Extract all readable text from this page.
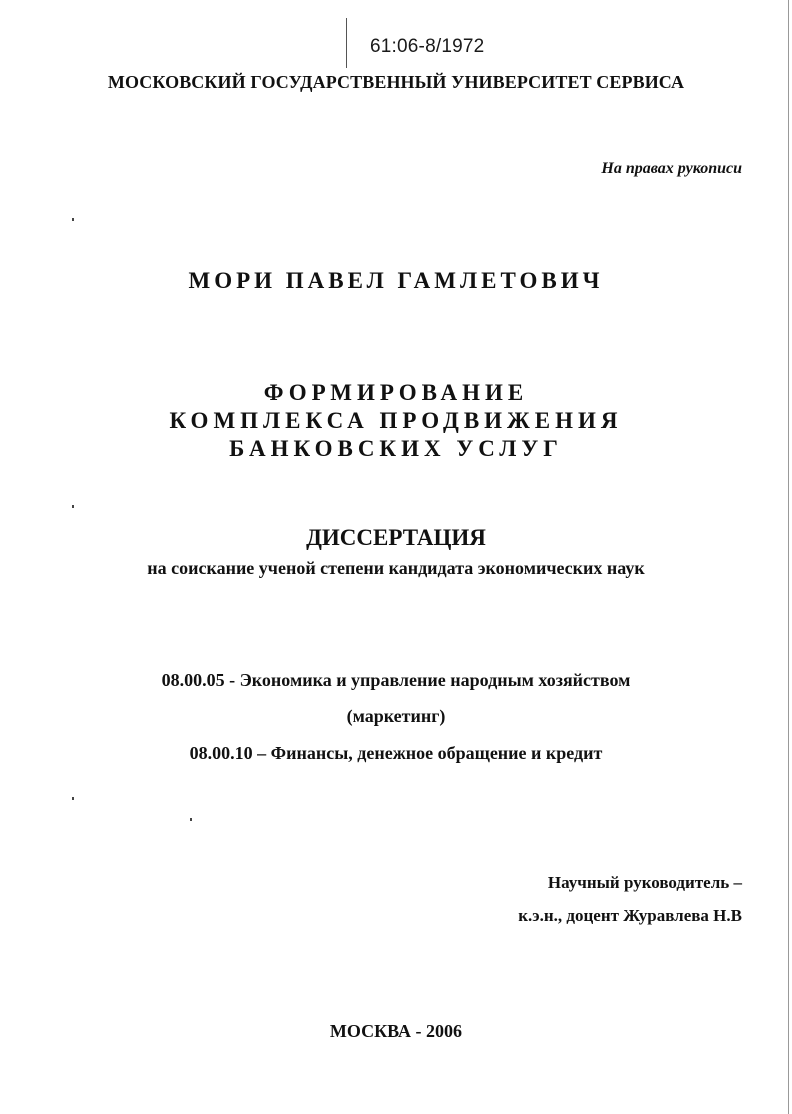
61:06-8/1972
МОСКОВСКИЙ ГОСУДАРСТВЕННЫЙ УНИВЕРСИТЕТ СЕРВИСА
На правах рукописи
МОРИ ПАВЕЛ ГАМЛЕТОВИЧ
ФОРМИРОВАНИЕ
КОМПЛЕКСА ПРОДВИЖЕНИЯ
БАНКОВСКИХ УСЛУГ
ДИССЕРТАЦИЯ
на соискание ученой степени кандидата экономических наук
08.00.05 - Экономика и управление народным хозяйством
(маркетинг)
08.00.10 – Финансы, денежное обращение и кредит
Научный руководитель –
к.э.н., доцент Журавлева Н.В
МОСКВА - 2006
